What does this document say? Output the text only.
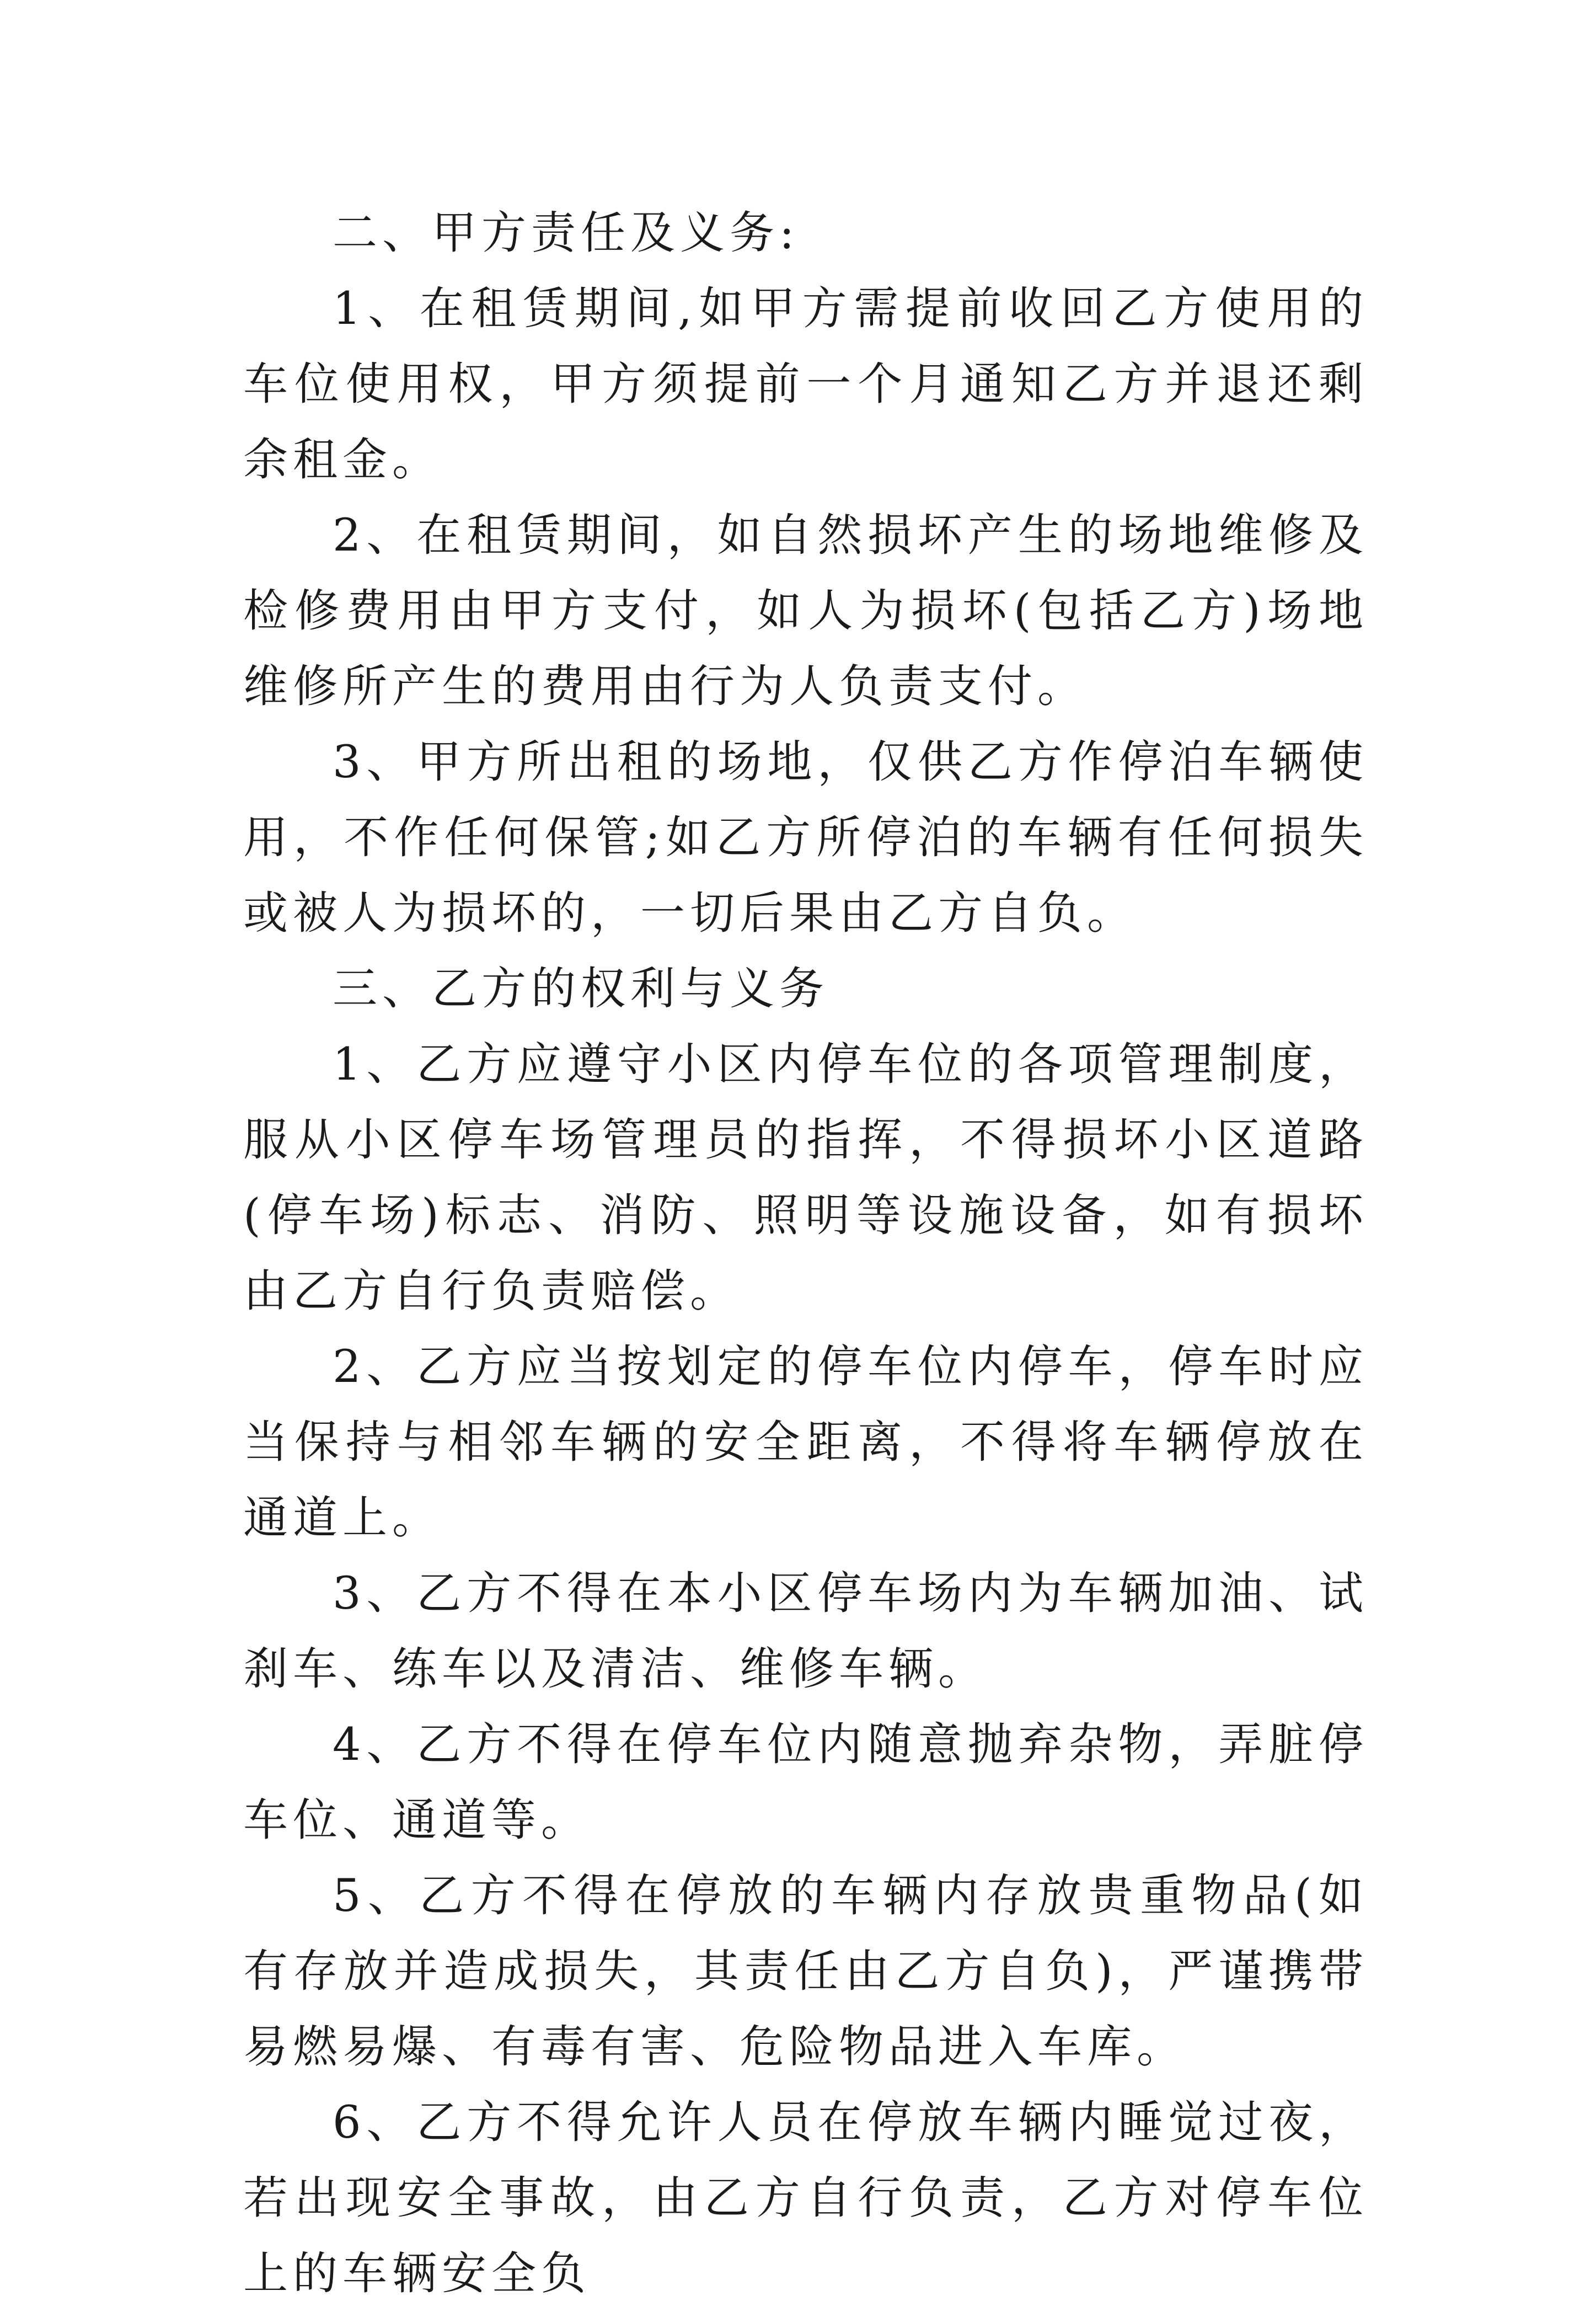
二、甲方责任及义务:

1、在租赁期间,如甲方需提前收回乙方使用的车位使用权，甲方须提前一个月通知乙方并退还剩余租金。

2、在租赁期间，如自然损坏产生的场地维修及检修费用由甲方支付，如人为损坏(包括乙方)场地维修所产生的费用由行为人负责支付。

3、甲方所出租的场地，仅供乙方作停泊车辆使用，不作任何保管;如乙方所停泊的车辆有任何损失或被人为损坏的，一切后果由乙方自负。

三、乙方的权利与义务

1、乙方应遵守小区内停车位的各项管理制度，服从小区停车场管理员的指挥，不得损坏小区道路(停车场)标志、消防、照明等设施设备，如有损坏由乙方自行负责赔偿。

2、乙方应当按划定的停车位内停车，停车时应当保持与相邻车辆的安全距离，不得将车辆停放在通道上。

3、乙方不得在本小区停车场内为车辆加油、试刹车、练车以及清洁、维修车辆。

4、乙方不得在停车位内随意抛弃杂物，弄脏停车位、通道等。

5、乙方不得在停放的车辆内存放贵重物品(如有存放并造成损失，其责任由乙方自负)，严谨携带易燃易爆、有毒有害、危险物品进入车库。

6、乙方不得允许人员在停放车辆内睡觉过夜，若出现安全事故，由乙方自行负责，乙方对停车位上的车辆安全负
